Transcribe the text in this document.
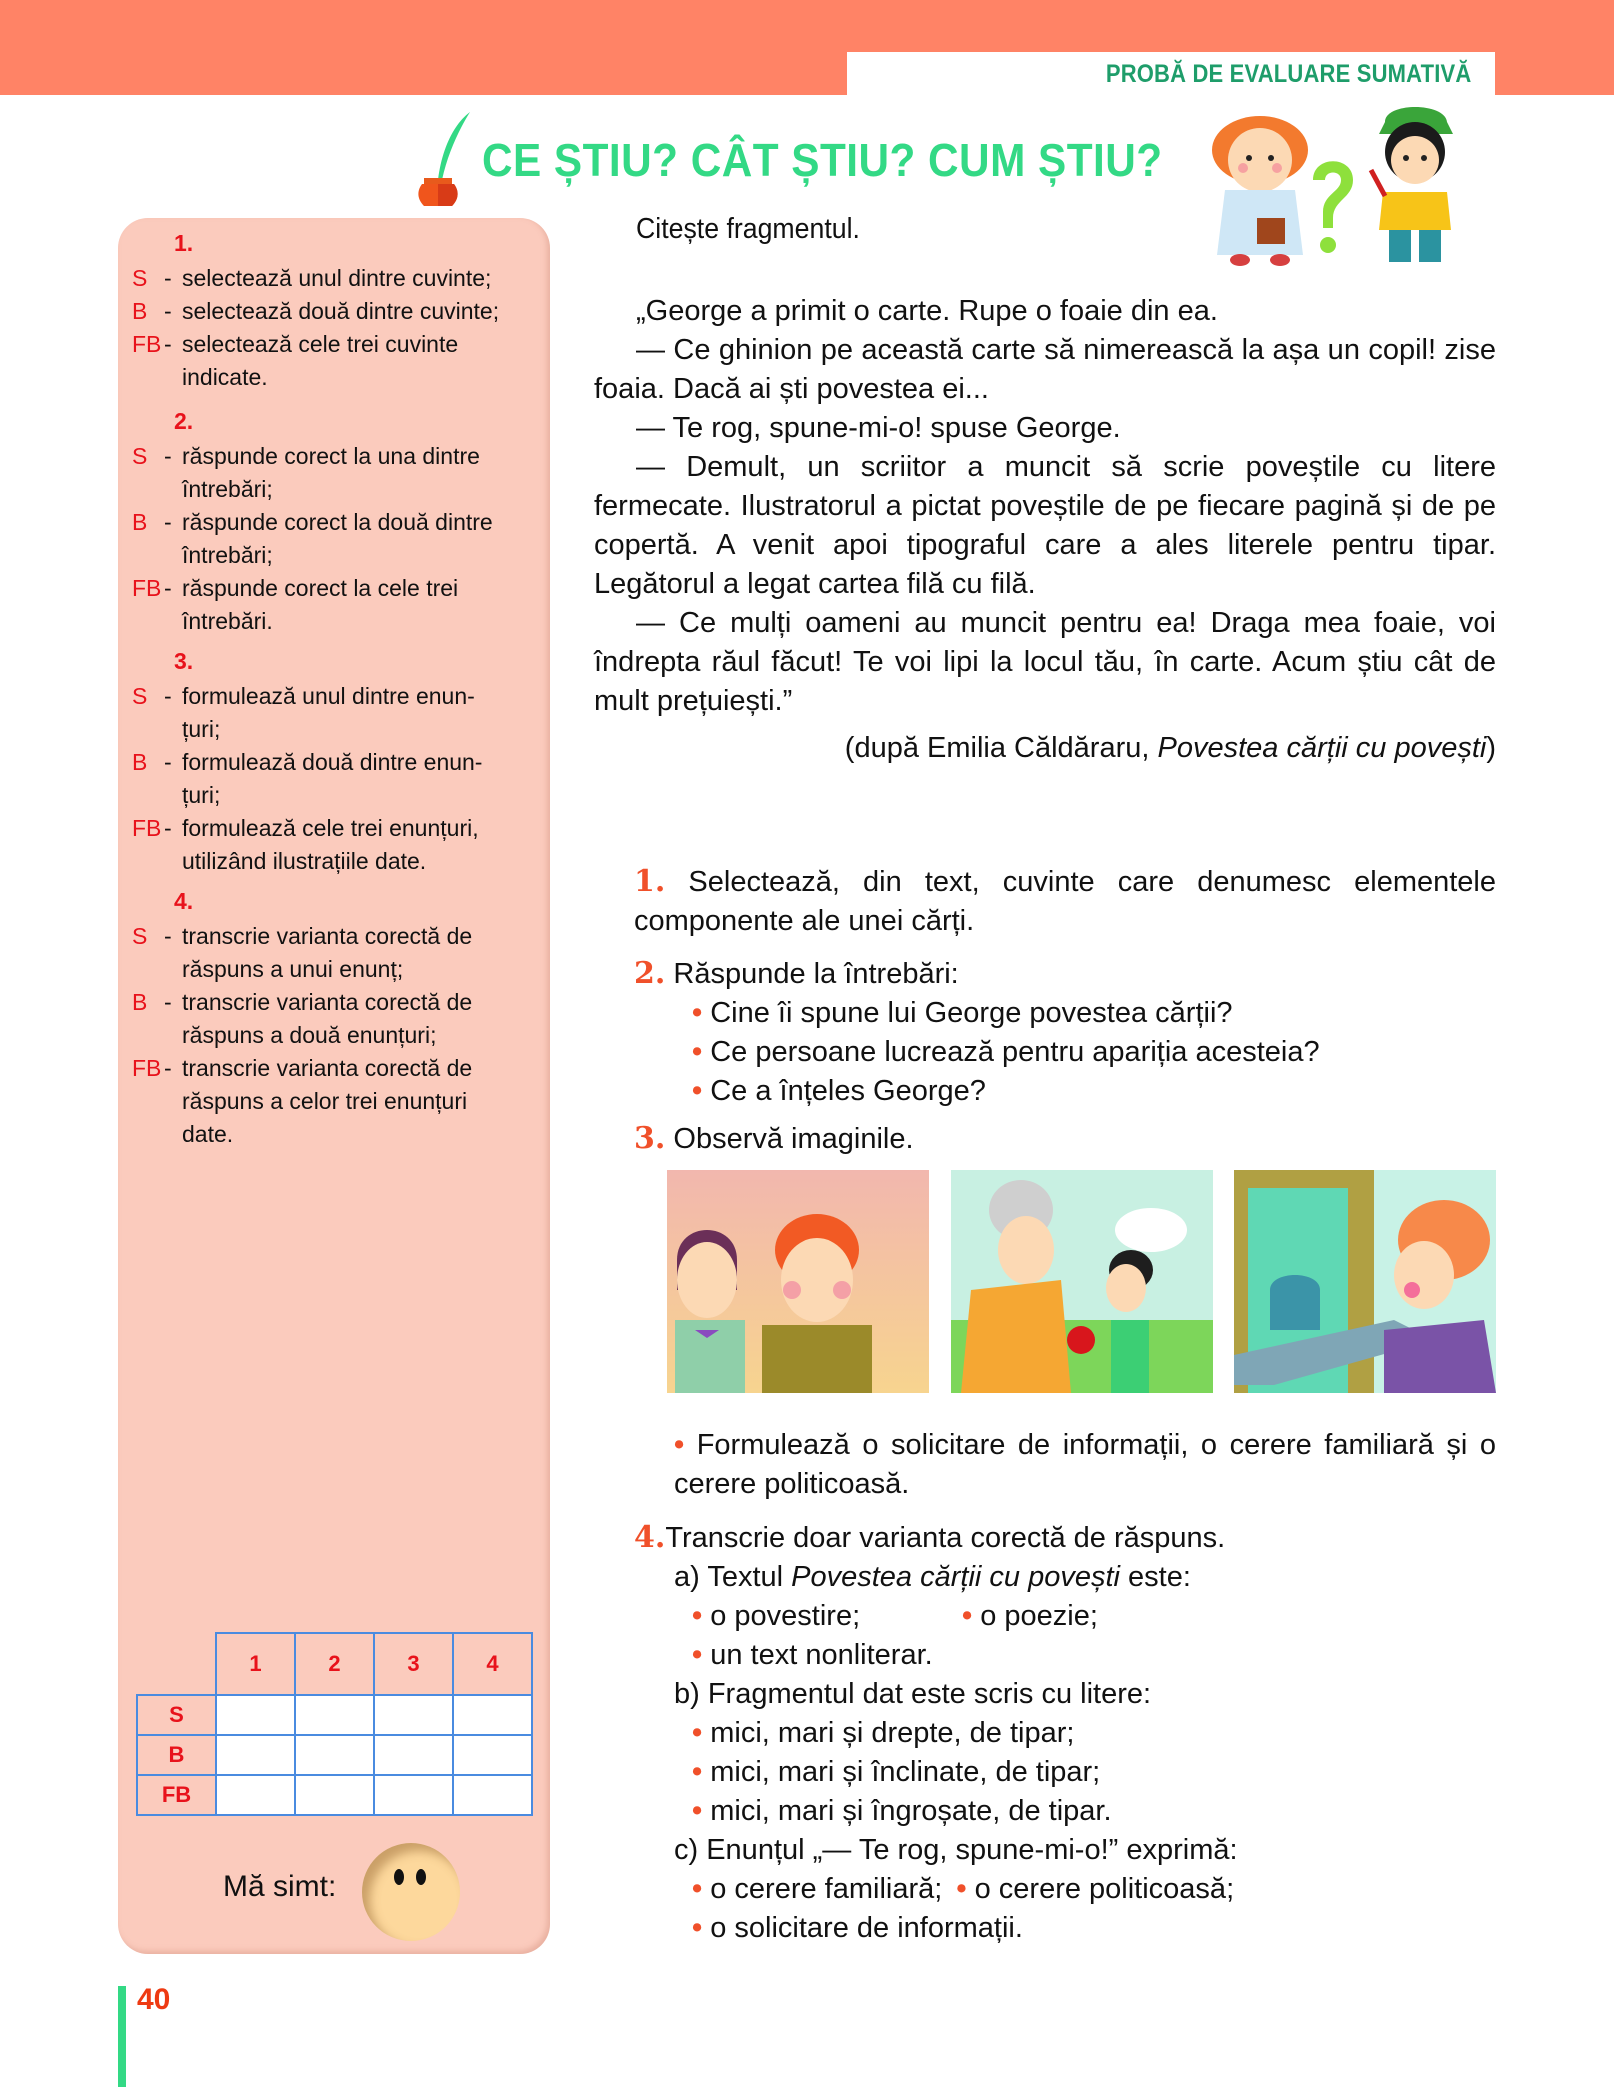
PROBĂ DE EVALUARE SUMATIVĂ
CE ȘTIU? CÂT ȘTIU? CUM ȘTIU?
1.
S - selectează unul dintre cuvinte;
B - selectează două dintre cuvinte;
FB - selectează cele trei cuvinte
indicate.
2.
S - răspunde corect la una dintre
întrebări;
B - răspunde corect la două dintre
întrebări;
FB - răspunde corect la cele trei
întrebări.
3.
S - formulează unul dintre enun-
țuri;
B - formulează două dintre enun-
țuri;
FB - formulează cele trei enunțuri,
utilizând ilustrațiile date.
4.
S - transcrie varianta corectă de
răspuns a unui enunț;
B - transcrie varianta corectă de
răspuns a două enunțuri;
FB - transcrie varianta corectă de
răspuns a celor trei enunțuri
date.
	1	2	3	4
S				
B				
FB				
Mă simt:

Citește fragmentul.

„George a primit o carte. Rupe o foaie din ea.

— Ce ghinion pe această carte să nimerească la așa un copil! zise foaia. Dacă ai ști povestea ei...

— Te rog, spune-mi-o! spuse George.

— Demult, un scriitor a muncit să scrie poveștile cu litere fermecate. Ilustratorul a pictat poveștile de pe fiecare pagină și de pe copertă. A venit apoi tipograful care a ales literele pentru tipar. Legătorul a legat cartea filă cu filă.

— Ce mulți oameni au muncit pentru ea! Draga mea foaie, voi îndrepta răul făcut! Te voi lipi la locul tău, în carte. Acum știu cât de mult prețuiești.”

(după Emilia Căldăraru, Povestea cărții cu povești)

1. Selectează, din text, cuvinte care denumesc elementele componente ale unei cărți.

2. Răspunde la întrebări:
• Cine îi spune lui George povestea cărții?
• Ce persoane lucrează pentru apariția acesteia?
• Ce a înțeles George?
3. Observă imaginile.

• Formulează o solicitare de informații, o cerere familiară și o cerere politicoasă.

4.Transcrie doar varianta corectă de răspuns.
a) Textul Povestea cărții cu povești este:
• o povestire;	• o poezie;
• un text nonliterar.
b) Fragmentul dat este scris cu litere:
• mici, mari și drepte, de tipar;
• mici, mari și înclinate, de tipar;
• mici, mari și îngroșate, de tipar.
c) Enunțul „— Te rog, spune-mi-o!” exprimă:
• o cerere familiară; • o cerere politicoasă;
• o solicitare de informații.
40
